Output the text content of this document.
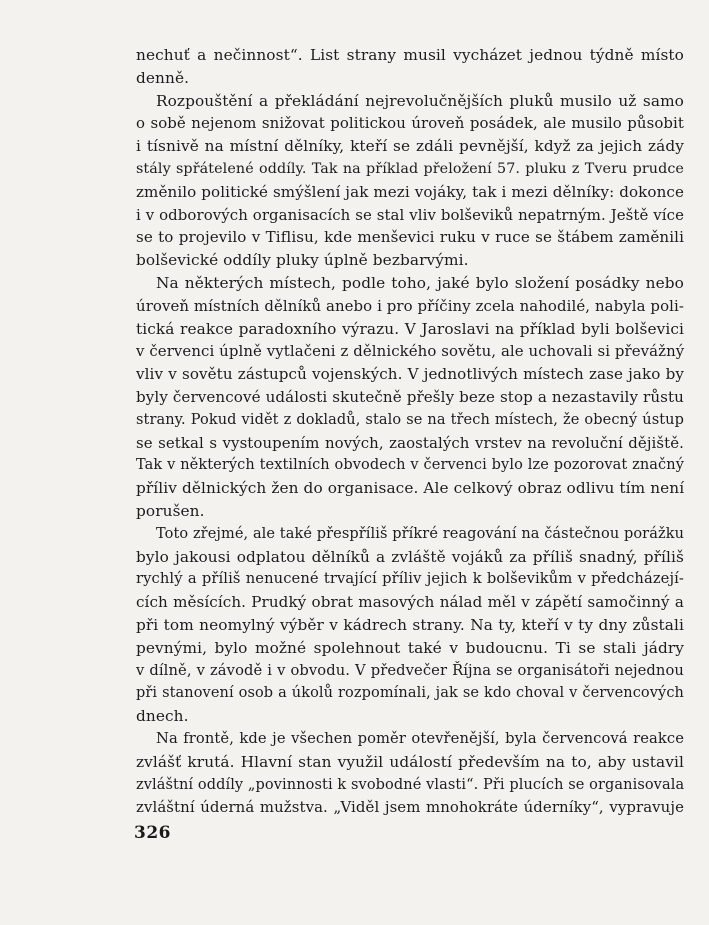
nechuť a nečinnost“. List strany musil vycházet jednou týdně místo
denně.
Rozpouštění a překládání nejrevolučnějších pluků musilo už samo
o sobě nejenom snižovat politickou úroveň posádek, ale musilo působit
i tísnivě na místní dělníky, kteří se zdáli pevnější, když za jejich zády
stály spřátelené oddíly. Tak na příklad přeložení 57. pluku z Tveru prudce
změnilo politické smýšlení jak mezi vojáky, tak i mezi dělníky: dokonce
i v odborových organisacích se stal vliv bolševiků nepatrným. Ještě více
se to projevilo v Tiflisu, kde menševici ruku v ruce se štábem zaměnili
bolševické oddíly pluky úplně bezbarvými.
Na některých místech, podle toho, jaké bylo složení posádky nebo
úroveň místních dělníků anebo i pro příčiny zcela nahodilé, nabyla poli-
tická reakce paradoxního výrazu. V Jaroslavi na příklad byli bolševici
v červenci úplně vytlačeni z dělnického sovětu, ale uchovali si převážný
vliv v sovětu zástupců vojenských. V jednotlivých místech zase jako by
byly červencové události skutečně přešly beze stop a nezastavily růstu
strany. Pokud vidět z dokladů, stalo se na třech místech, že obecný ústup
se setkal s vystoupením nových, zaostalých vrstev na revoluční dějiště.
Tak v některých textilních obvodech v červenci bylo lze pozorovat značný
příliv dělnických žen do organisace. Ale celkový obraz odlivu tím není
porušen.
Toto zřejmé, ale také přespříliš příkré reagování na částečnou porážku
bylo jakousi odplatou dělníků a zvláště vojáků za příliš snadný, příliš
rychlý a příliš nenucené trvající příliv jejich k bolševikům v předcházejí-
cích měsících. Prudký obrat masových nálad měl v zápětí samočinný a
při tom neomylný výběr v kádrech strany. Na ty, kteří v ty dny zůstali
pevnými, bylo možné spolehnout také v budoucnu. Ti se stali jádry
v dílně, v závodě i v obvodu. V předvečer Října se organisátoři nejednou
při stanovení osob a úkolů rozpomínali, jak se kdo choval v červencových
dnech.
Na frontě, kde je všechen poměr otevřenější, byla červencová reakce
zvlášť krutá. Hlavní stan využil událostí především na to, aby ustavil
zvláštní oddíly „povinnosti k svobodné vlasti“. Při plucích se organisovala
zvláštní úderná mužstva. „Viděl jsem mnohokráte úderníky“, vypravuje
326
